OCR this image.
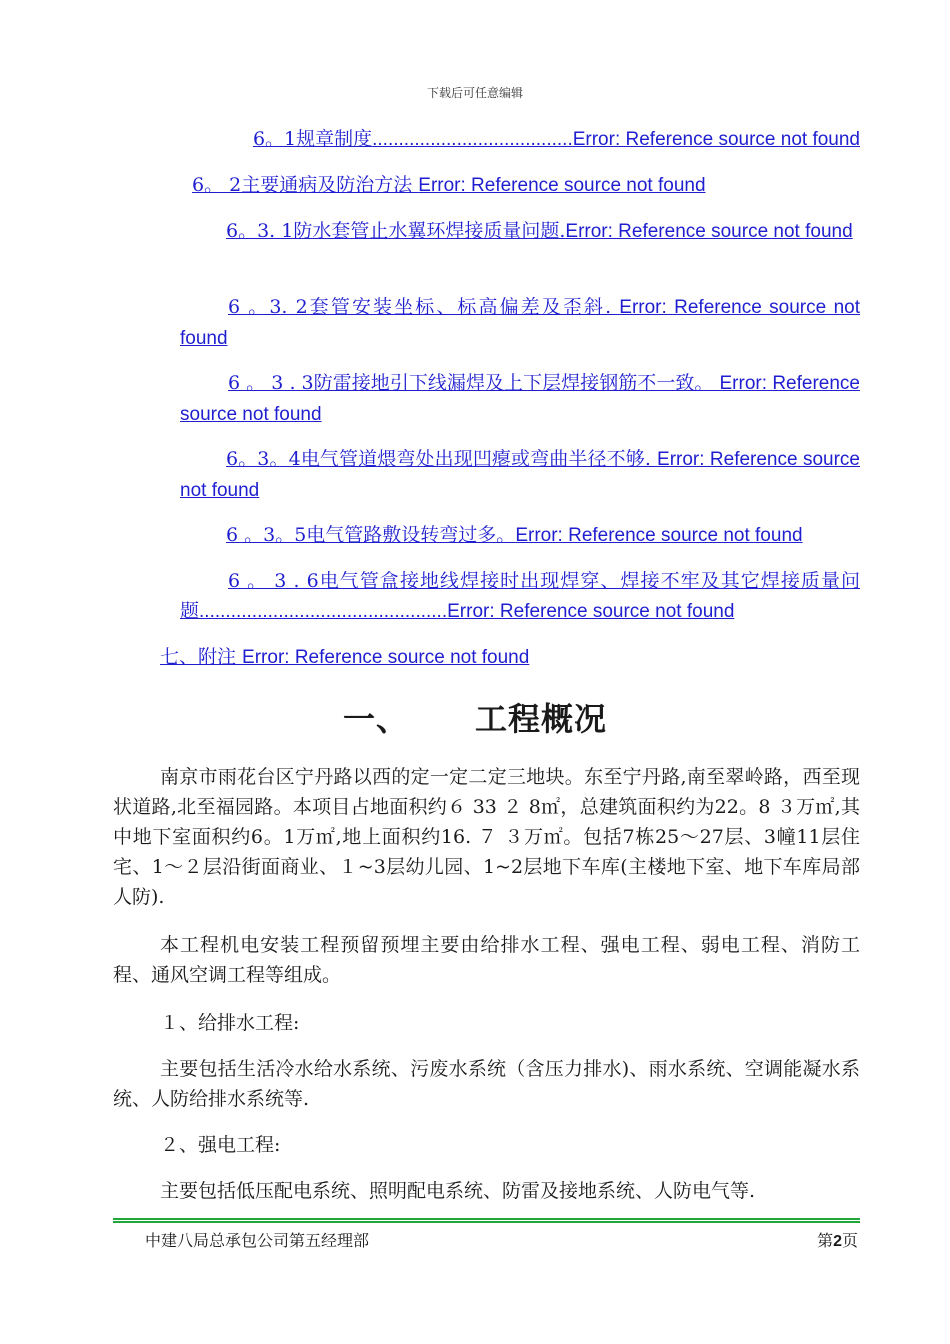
下载后可任意编辑
6。1规章制度......................................Error: Reference source not found
6。 2主要通病及防治方法 Error: Reference source not found
6。3. 1防水套管止水翼环焊接质量问题.Error: Reference source not found
6 。3. 2套管安装坐标、标高偏差及歪斜. Error: Reference source not found
6 。 3 . 3防雷接地引下线漏焊及上下层焊接钢筋不一致。 Error: Reference source not found
6。3。4电气管道煨弯处出现凹瘪或弯曲半径不够. Error: Reference source not found
6 。3。5电气管路敷设转弯过多。Error: Reference source not found
6 。 3 . 6电气管盒接地线焊接时出现焊穿、焊接不牢及其它焊接质量问题...............................................Error: Reference source not found
七、附注 Error: Reference source not found
一、 工程概况
南京市雨花台区宁丹路以西的定一定二定三地块。东至宁丹路,南至翠岭路，西至现状道路,北至福园路。本项目占地面积约６ 33 ２ 8㎡，总建筑面积约为22。8 ３万㎡,其中地下室面积约6。1万㎡,地上面积约16. ７ ３万㎡。包括7栋25～27层、3幢11层住宅、1～２层沿街面商业、１~3层幼儿园、1~2层地下车库(主楼地下室、地下车库局部人防).
本工程机电安装工程预留预埋主要由给排水工程、强电工程、弱电工程、消防工程、通风空调工程等组成。
１、给排水工程:
主要包括生活冷水给水系统、污废水系统（含压力排水)、雨水系统、空调能凝水系统、人防给排水系统等.
２、强电工程:
主要包括低压配电系统、照明配电系统、防雷及接地系统、人防电气等.
中建八局总承包公司第五经理部	第2页
